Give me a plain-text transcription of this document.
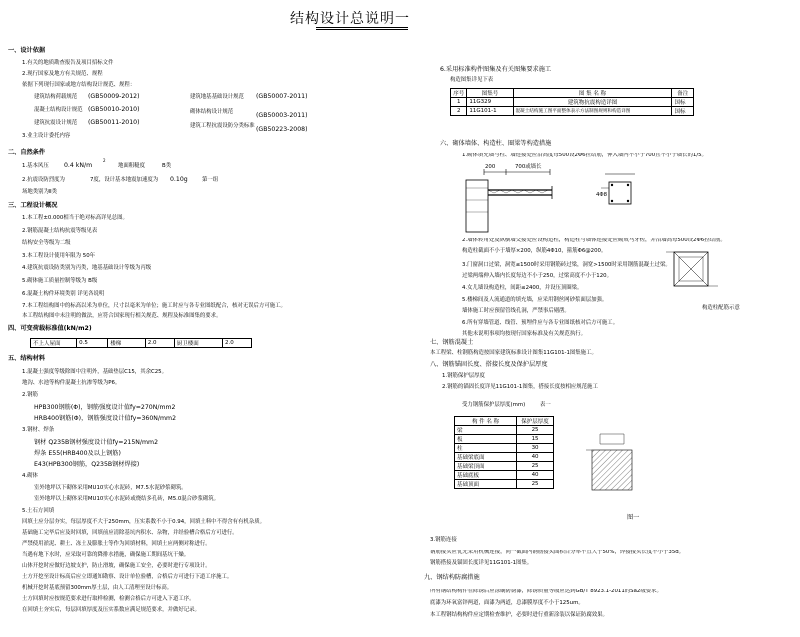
结构设计总说明一
一、设计依据
1.有关的地质勘查报告及项目招标文件
2.现行国家及地方有关规范、规程
依据下列现行国家或地方结构设计规范、规程：
建筑结构荷载规范 (GB50009-2012)	建筑地基基础设计规范 (GB50007-2011)
混凝土结构设计规范 (GB50010-2010)	砌体结构设计规范	(GB50003-2011)
建筑抗震设计规范 (GB50011-2010)	建筑工程抗震设防分类标准 (GB50223-2008)
3.业主设计委托内容
二、自然条件
1.基本风压 0.4 kN/m
2
地面粗糙度	B类
2.抗震设防烈度为	7度，设计基本地震加速度为 0.10g	第一组
场地类别为Ⅱ类
三、工程设计概况
1.本工程±0.000相当于绝对标高详见总图。
2.钢筋混凝土结构抗震等级见表
结构安全等级为二级
3.本工程设计使用年限为 50年
4.建筑抗震设防类别为丙类，地基基础设计等级为丙级
5.砌体施工质量控制等级为 B级
6.混凝土构件环境类别 详见各说明
7.本工程结构图中的标高以米为单位，尺寸以毫米为单位；施工时应与各专业图纸配合，核对无误后方可施工。
本工程结构图中未注明的做法，应符合国家现行相关规范、规程及标准图集的要求。
四、可变荷载标准值(kN/m2)
不上人屋面	0.5	楼梯	2.0	厨卫楼面	2.0
五、结构材料
1.混凝土强度等级除图中注明外，基础垫层C15，其余C25。
地沟、水池等构件混凝土抗渗等级为P6。
2.钢筋
HPB300钢筋(Φ)，钢筋强度设计值fy=270N/mm2
HRB400钢筋(Φ)，钢筋强度设计值fy=360N/mm2
3.钢材、焊条
钢材 Q235B钢材强度设计值fy=215N/mm2
焊条 E55(HRB400及以上钢筋)
E43(HPB300钢筋，Q235B钢材焊接)
4.砌体
室外地坪以下砌体采用MU10实心水泥砖，M7.5水泥砂浆砌筑。
室外地坪以上砌体采用MU10实心水泥砖或烧结多孔砖，M5.0混合砂浆砌筑。
5.土石方回填
回填土应分层夯实，每层厚度不大于250mm，压实系数不小于0.94，回填土料中不得含有有机杂质。
基础施工完毕后应及时回填，回填前应清除基坑内积水、杂物，并经验槽合格后方可进行。
严禁使用淤泥、耕土、冻土及膨胀土等作为回填材料，回填土应两侧对称进行。
当遇有地下水时，应采取可靠的降排水措施，确保施工期间基坑干燥。
山体开挖时应做好边坡支护，防止滑坡，确保施工安全，必要时进行专项设计。
土方开挖至设计标高后应立即通知勘察、设计单位验槽，合格后方可进行下道工序施工。
机械开挖时基底预留300mm厚土层，由人工清理至设计标高。
土方回填时应按规范要求进行取样检测，检测合格后方可进入下道工序。
在回填土夯实后，每层回填厚度及压实系数应满足规范要求，并做好记录。
6.采用标准构件图集及有关图集要求施工
构造图集详见下表
序号	图集号	图 集 名 称	备注
1	11G329	建筑物抗震构造详图	国标
2	11G101-1	混凝土结构施工图平面整体表示方法制图规则和构造详图	国标
六、砌体墙体、构造柱、圈梁等构造措施
1.砌体填充墙与柱、墙连接处应沿高度每500设2Φ6拉结筋，伸入墙内不小于700且不小于墙长的1/5。
200	700或墙长
4Φ8
2.墙体转角处及纵横墙交接处应设构造柱，构造柱与墙体连接处应砌成马牙槎，并沿墙高每500设2Φ6拉结筋。
构造柱截面不小于墙厚×200，纵筋4Φ10，箍筋Φ6@200。
3.门窗洞口过梁，洞宽≤1500时采用钢筋砖过梁，洞宽>1500时采用钢筋混凝土过梁。
过梁两端伸入墙内长度每边不小于250，过梁高度不小于120。
4.女儿墙设构造柱，间距≤2400，并设压顶圈梁。
5.楼梯间及人流通道的填充墙，应采用钢丝网砂浆面层加强。
墙体施工时应预留管线孔洞，严禁事后剔凿。
6.所有穿墙管道、线管、预埋件应与各专业图纸核对后方可施工。
其他未说明事项均按现行国家标准及有关规范执行。
构造柱配筋示意
七、钢筋混凝土
本工程梁、柱钢筋构造按国家建筑标准设计图集11G101-1图集施工。
八、钢筋锚固长度、搭接长度及保护层厚度
1.钢筋保护层厚度
2.钢筋的锚固长度详见11G101-1图集，搭接长度按相应规范施工
受力钢筋保护层厚度(mm)	表一
构 件 名 称	保护层厚度
梁	25
板	15
柱	30
基础梁底面	40
基础梁顶面	25
基础底板	40
基础顶面	25
图一
3.钢筋连接
钢筋接头应优先采用机械连接，同一截面内钢筋接头面积百分率不宜大于50%，焊接接头长度不小于35d。
钢筋搭接及锚固长度详见11G101-1图集。
九、钢结构防腐措施
所有钢结构构件在除锈后应涂刷防锈漆，除锈质量等级应达到GB/T 8923.1-2011的Sa2级要求。
底漆为环氧富锌两道，面漆为两道，总漆膜厚度不小于125um。
本工程钢结构构件应定期检查维护，必要时进行重新涂装以保证防腐效果。
